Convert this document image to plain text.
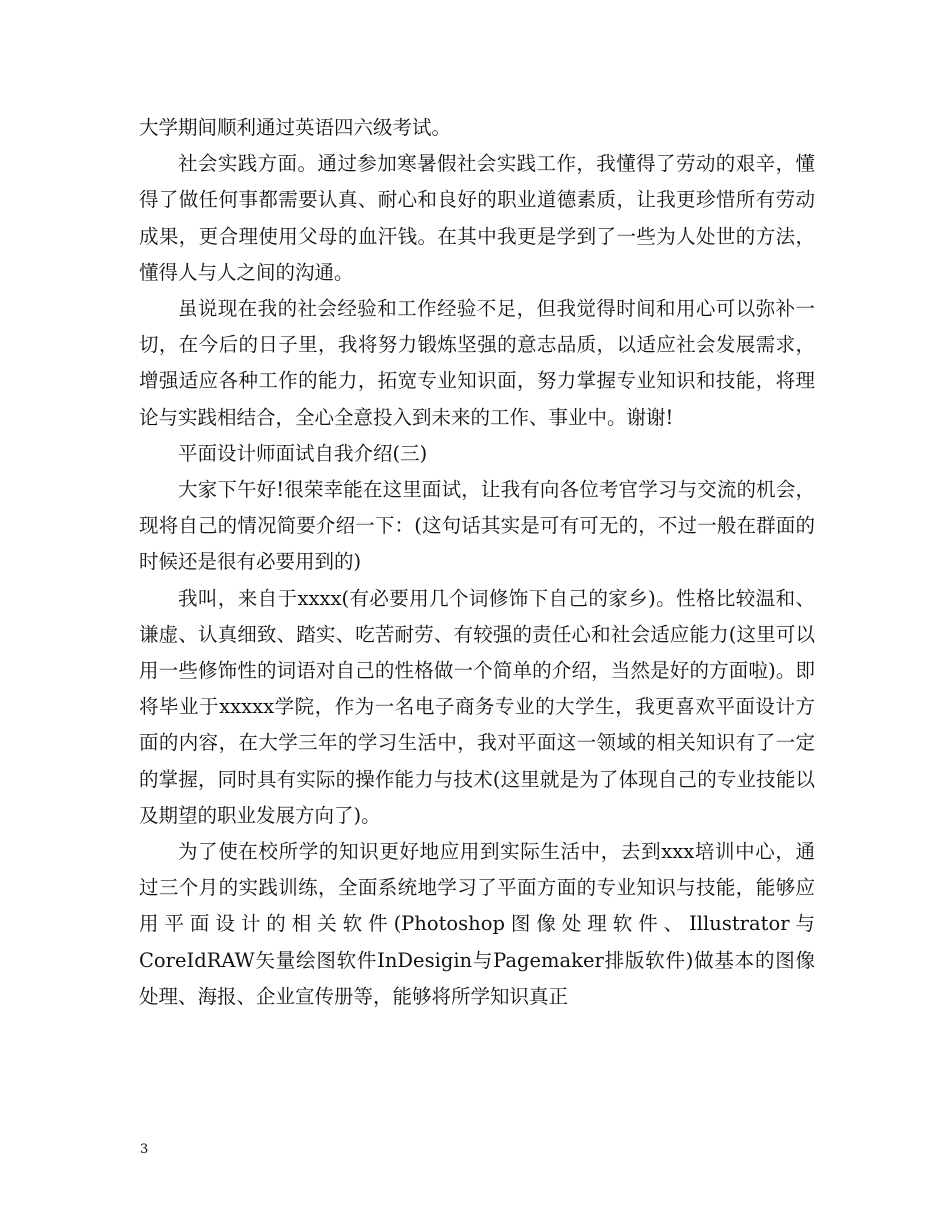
大学期间顺利通过英语四六级考试。

社会实践方面。通过参加寒暑假社会实践工作，我懂得了劳动的艰辛，懂得了做任何事都需要认真、耐心和良好的职业道德素质，让我更珍惜所有劳动成果，更合理使用父母的血汗钱。在其中我更是学到了一些为人处世的方法，懂得人与人之间的沟通。

虽说现在我的社会经验和工作经验不足，但我觉得时间和用心可以弥补一切，在今后的日子里，我将努力锻炼坚强的意志品质，以适应社会发展需求，增强适应各种工作的能力，拓宽专业知识面，努力掌握专业知识和技能，将理论与实践相结合，全心全意投入到未来的工作、事业中。谢谢!

平面设计师面试自我介绍(三)

大家下午好!很荣幸能在这里面试，让我有向各位考官学习与交流的机会，现将自己的情况简要介绍一下：(这句话其实是可有可无的，不过一般在群面的时候还是很有必要用到的)

我叫，来自于xxxx(有必要用几个词修饰下自己的家乡)。性格比较温和、谦虚、认真细致、踏实、吃苦耐劳、有较强的责任心和社会适应能力(这里可以用一些修饰性的词语对自己的性格做一个简单的介绍，当然是好的方面啦)。即将毕业于xxxxx学院，作为一名电子商务专业的大学生，我更喜欢平面设计方面的内容，在大学三年的学习生活中，我对平面这一领域的相关知识有了一定的掌握，同时具有实际的操作能力与技术(这里就是为了体现自己的专业技能以及期望的职业发展方向了)。

为了使在校所学的知识更好地应用到实际生活中，去到xxx培训中心，通过三个月的实践训练，全面系统地学习了平面方面的专业知识与技能，能够应用平面设计的相关软件(Photoshop图像处理软件、Illustrator与CoreIdRAW矢量绘图软件InDesigin与Pagemaker排版软件)做基本的图像处理、海报、企业宣传册等，能够将所学知识真正

3
